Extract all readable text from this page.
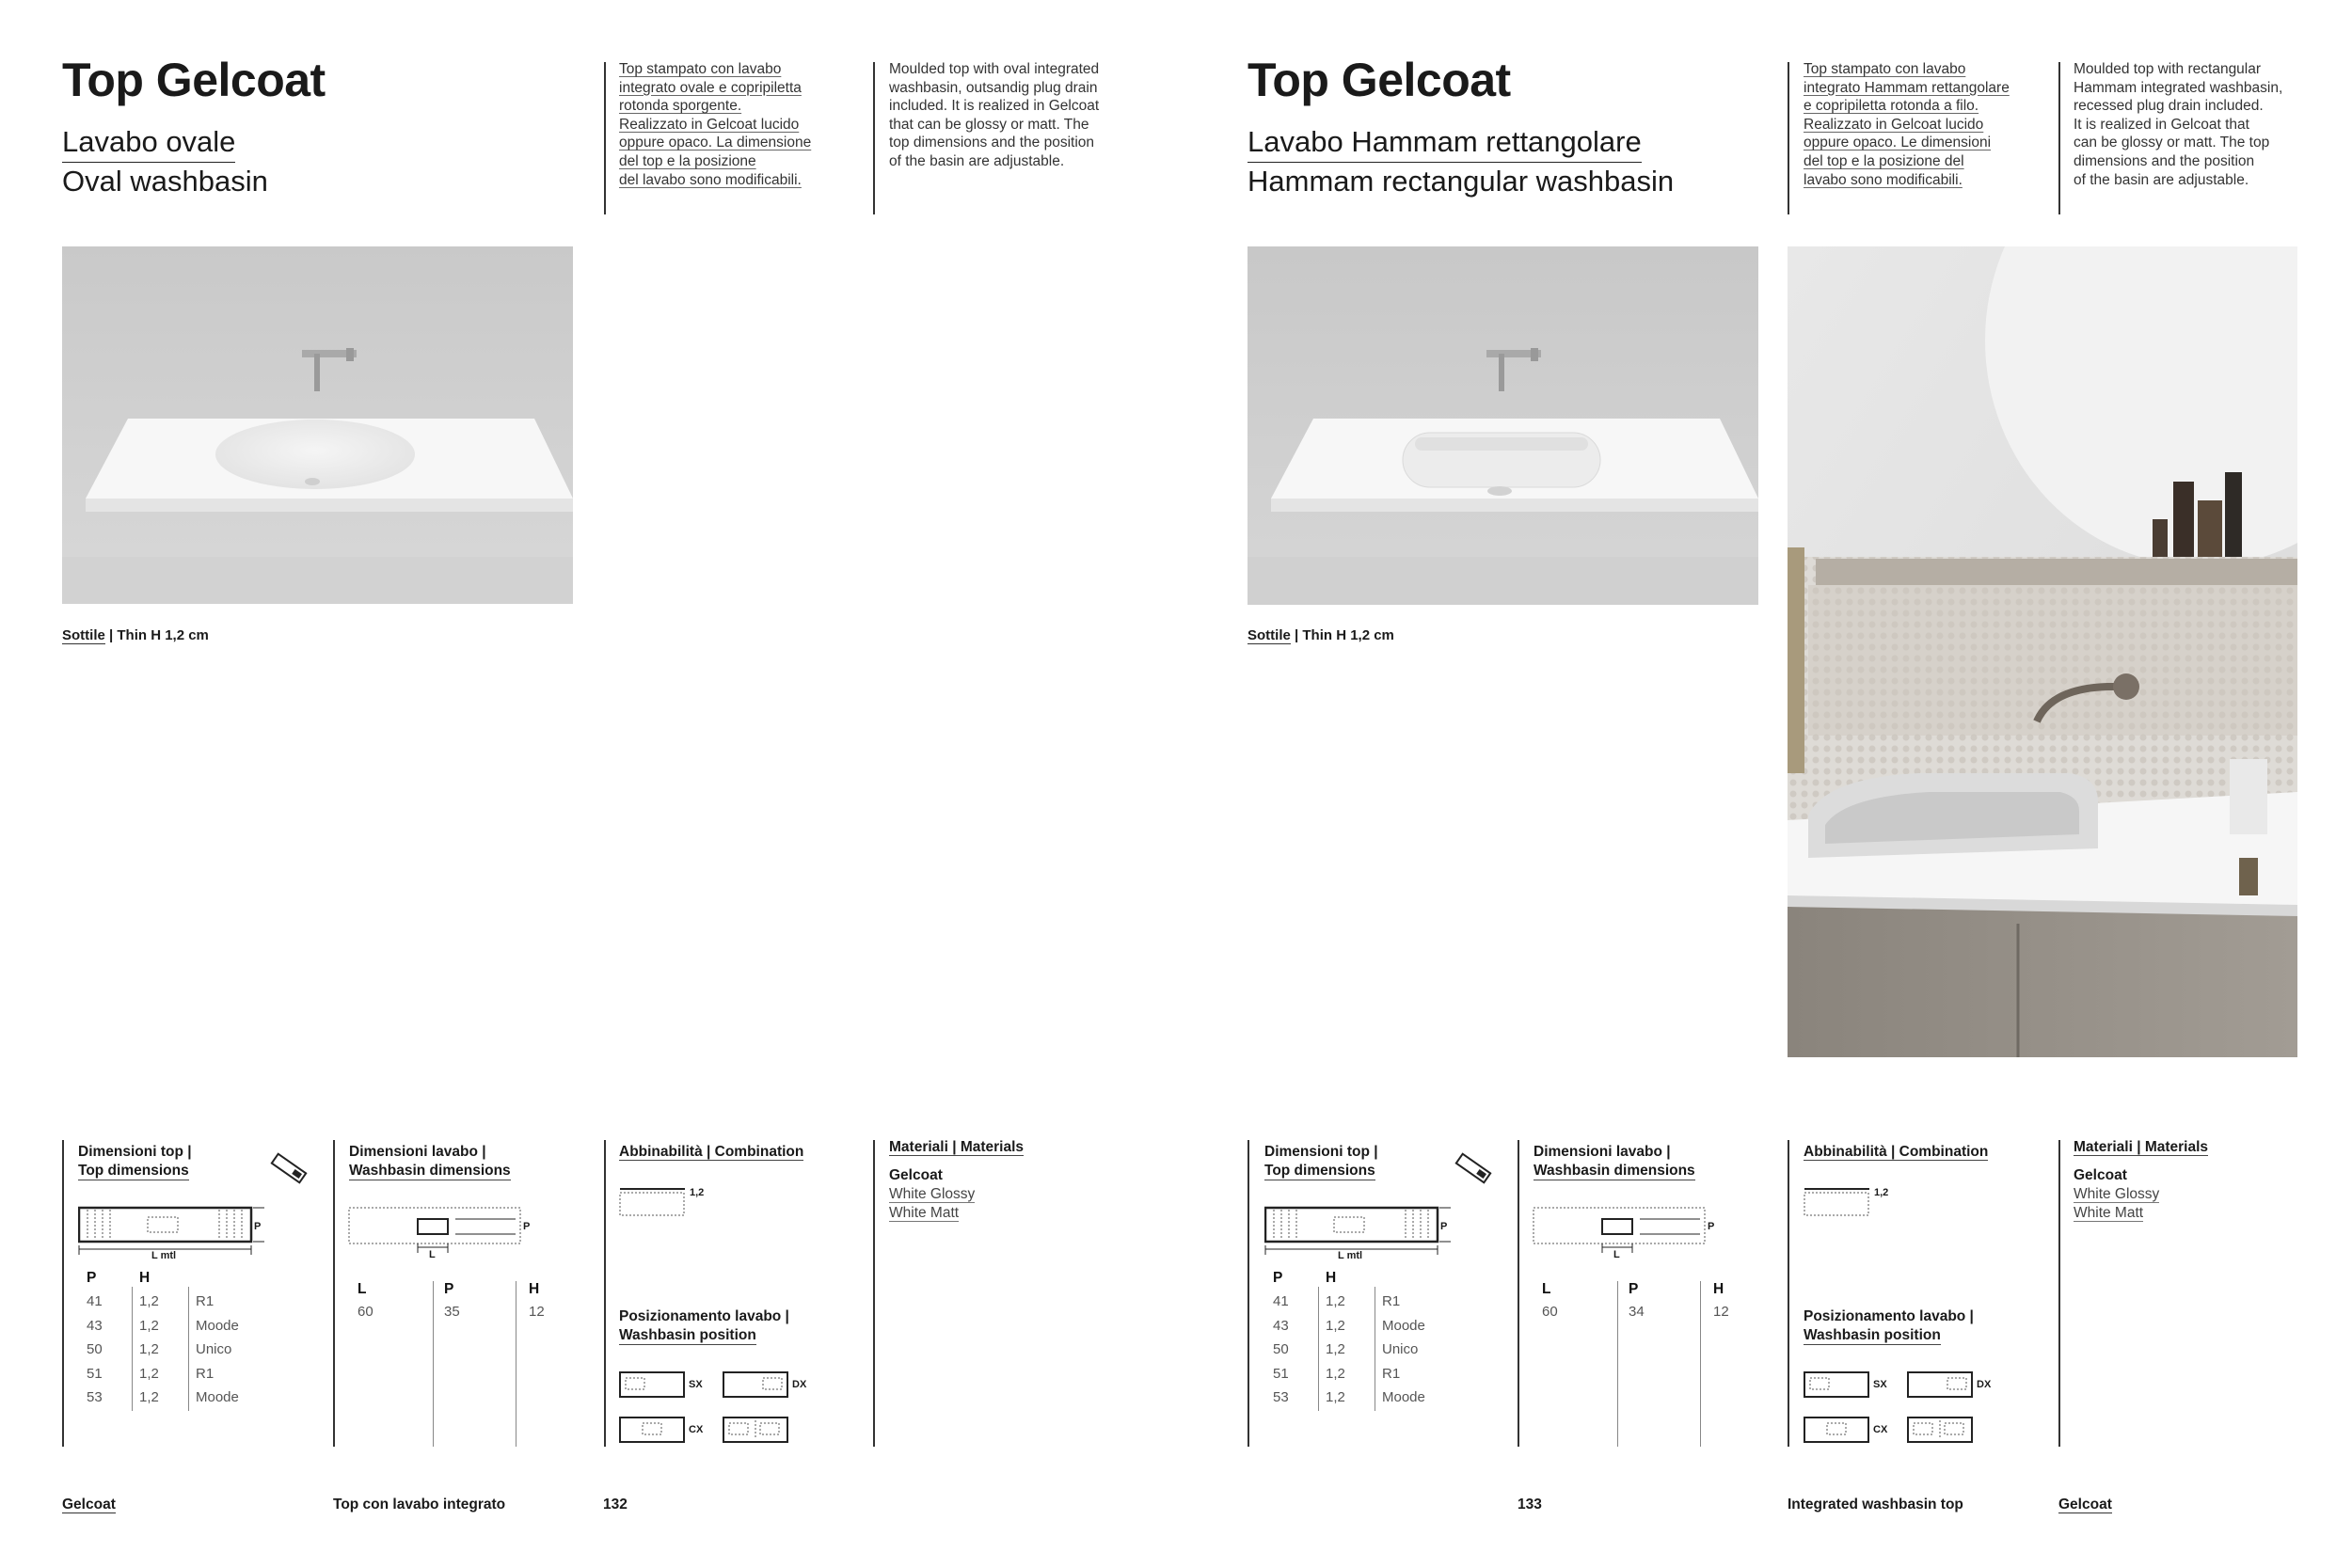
Top Gelcoat
Lavabo ovale
Oval washbasin
Top stampato con lavabo
integrato ovale e copripiletta
rotonda sporgente.
Realizzato in Gelcoat lucido
oppure opaco. La dimensione
del top e la posizione
del lavabo sono modificabili.
Moulded top with oval integrated
washbasin, outsandig plug drain
included. It is realized in Gelcoat
that can be glossy or matt. The
top dimensions and the position
of the basin are adjustable.
Sottile | Thin H 1,2 cm
Dimensioni top |
Top dimensions
P
L mtl
P	H
41	1,2	R1
43	1,2	Moode
50	1,2	Unico
51	1,2	R1
53	1,2	Moode
Dimensioni lavabo |
Washbasin dimensions
P
L
L	P	H
60	35	12
Abbinabilità | Combination
1,2
Posizionamento lavabo |
Washbasin position
SX	DX
CX
Materiali | Materials
Gelcoat
White Glossy
White Matt
Gelcoat	Top con lavabo integrato	132
Top Gelcoat
Lavabo Hammam rettangolare
Hammam rectangular washbasin
Top stampato con lavabo
integrato Hammam rettangolare
e copripiletta rotonda a filo.
Realizzato in Gelcoat lucido
oppure opaco. Le dimensioni
del top e la posizione del
lavabo sono modificabili.
Moulded top with rectangular
Hammam integrated washbasin,
recessed plug drain included.
It is realized in Gelcoat that
can be glossy or matt. The top
dimensions and the position
of the basin are adjustable.
Sottile | Thin H 1,2 cm
Dimensioni top |
Top dimensions
P
L mtl
P	H
41	1,2	R1
43	1,2	Moode
50	1,2	Unico
51	1,2	R1
53	1,2	Moode
Dimensioni lavabo |
Washbasin dimensions
P
L
L	P	H
60	34	12
Abbinabilità | Combination
1,2
Posizionamento lavabo |
Washbasin position
SX	DX
CX
Materiali | Materials
Gelcoat
White Glossy
White Matt
133	Integrated washbasin top	Gelcoat
